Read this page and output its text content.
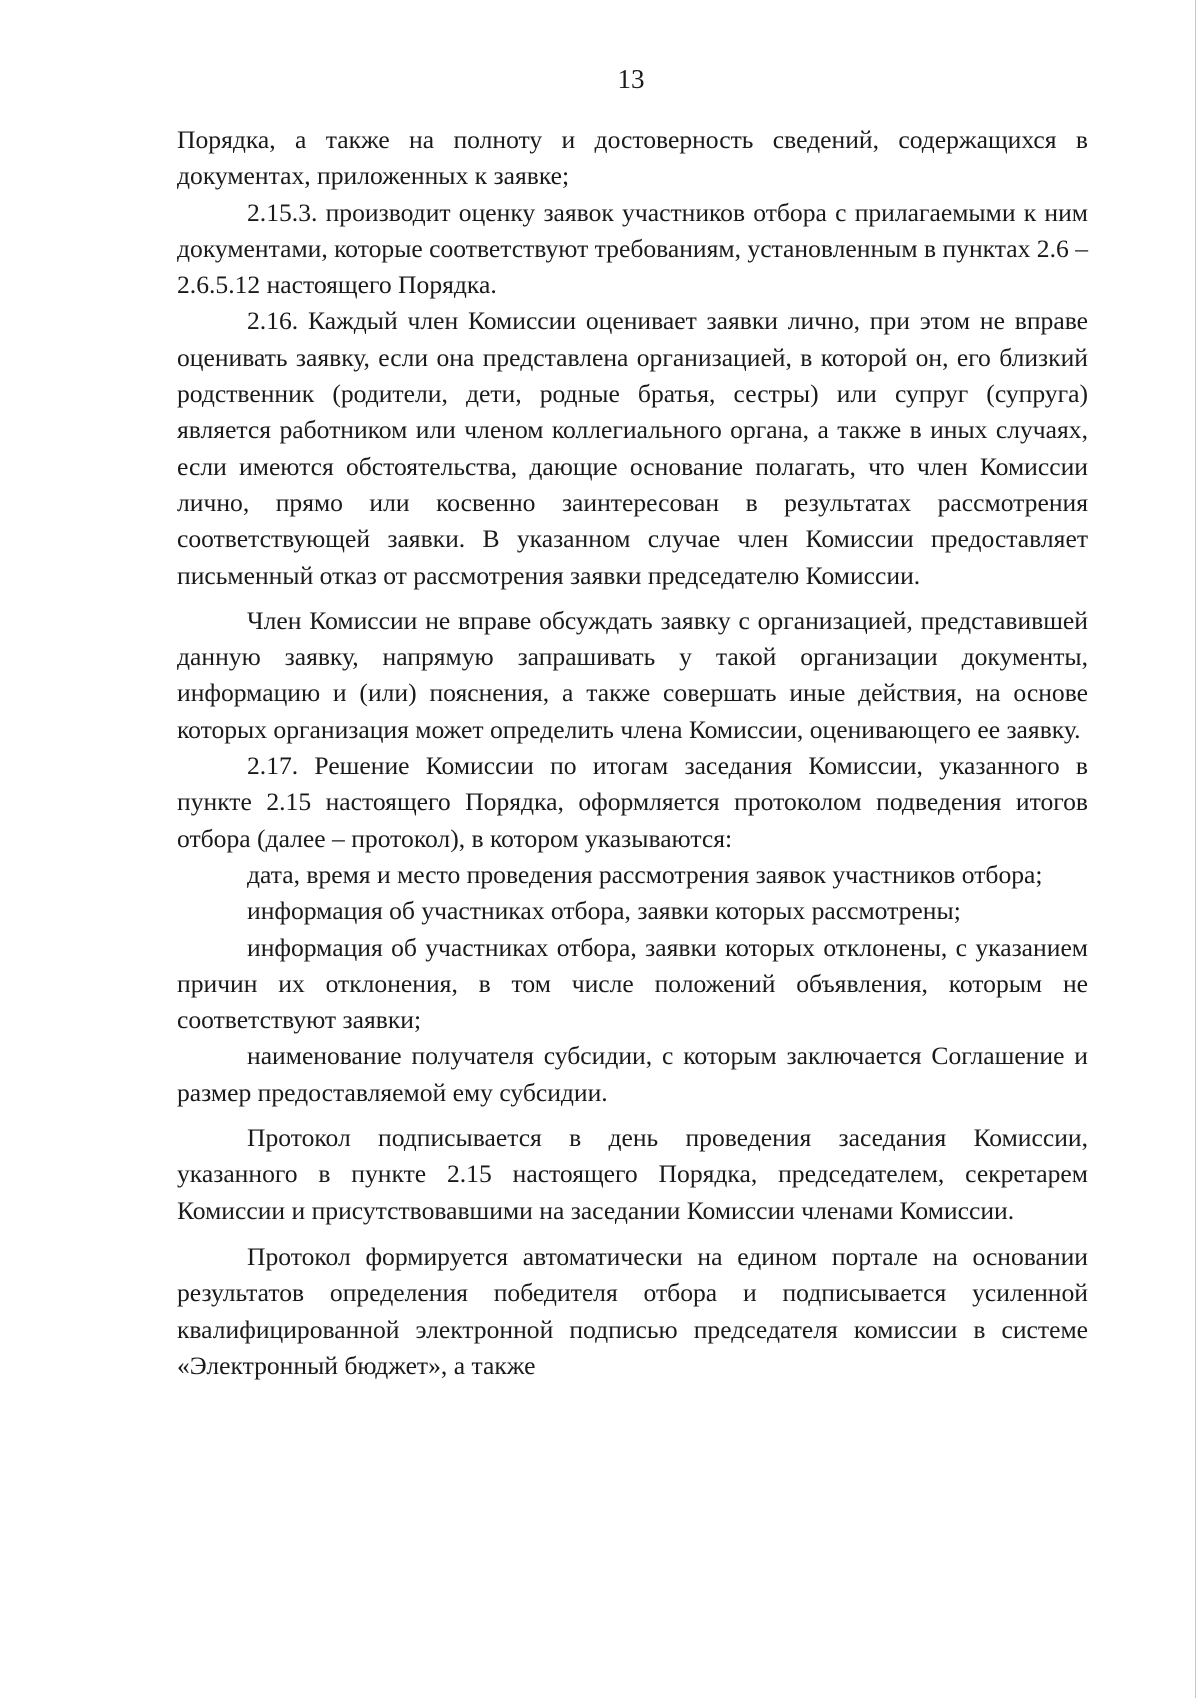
13

Порядка, а также на полноту и достоверность сведений, содержащихся в документах, приложенных к заявке;

2.15.3. производит оценку заявок участников отбора с прилагаемыми к ним документами, которые соответствуют требованиям, установленным в пунктах 2.6 – 2.6.5.12 настоящего Порядка.

2.16. Каждый член Комиссии оценивает заявки лично, при этом не вправе оценивать заявку, если она представлена организацией, в которой он, его близкий родственник (родители, дети, родные братья, сестры) или супруг (супруга) является работником или членом коллегиального органа, а также в иных случаях, если имеются обстоятельства, дающие основание полагать, что член Комиссии лично, прямо или косвенно заинтересован в результатах рассмотрения соответствующей заявки. В указанном случае член Комиссии предоставляет письменный отказ от рассмотрения заявки председателю Комиссии.

Член Комиссии не вправе обсуждать заявку с организацией, представившей данную заявку, напрямую запрашивать у такой организации документы, информацию и (или) пояснения, а также совершать иные действия, на основе которых организация может определить члена Комиссии, оценивающего ее заявку.

2.17. Решение Комиссии по итогам заседания Комиссии, указанного в пункте 2.15 настоящего Порядка, оформляется протоколом подведения итогов отбора (далее – протокол), в котором указываются:

дата, время и место проведения рассмотрения заявок участников отбора;

информация об участниках отбора, заявки которых рассмотрены;

информация об участниках отбора, заявки которых отклонены, с указанием причин их отклонения, в том числе положений объявления, которым не соответствуют заявки;

наименование получателя субсидии, с которым заключается Соглашение и размер предоставляемой ему субсидии.

Протокол подписывается в день проведения заседания Комиссии, указанного в пункте 2.15 настоящего Порядка, председателем, секретарем Комиссии и присутствовавшими на заседании Комиссии членами Комиссии.

Протокол формируется автоматически на едином портале на основании результатов определения победителя отбора и подписывается усиленной квалифицированной электронной подписью председателя комиссии в системе «Электронный бюджет», а также
